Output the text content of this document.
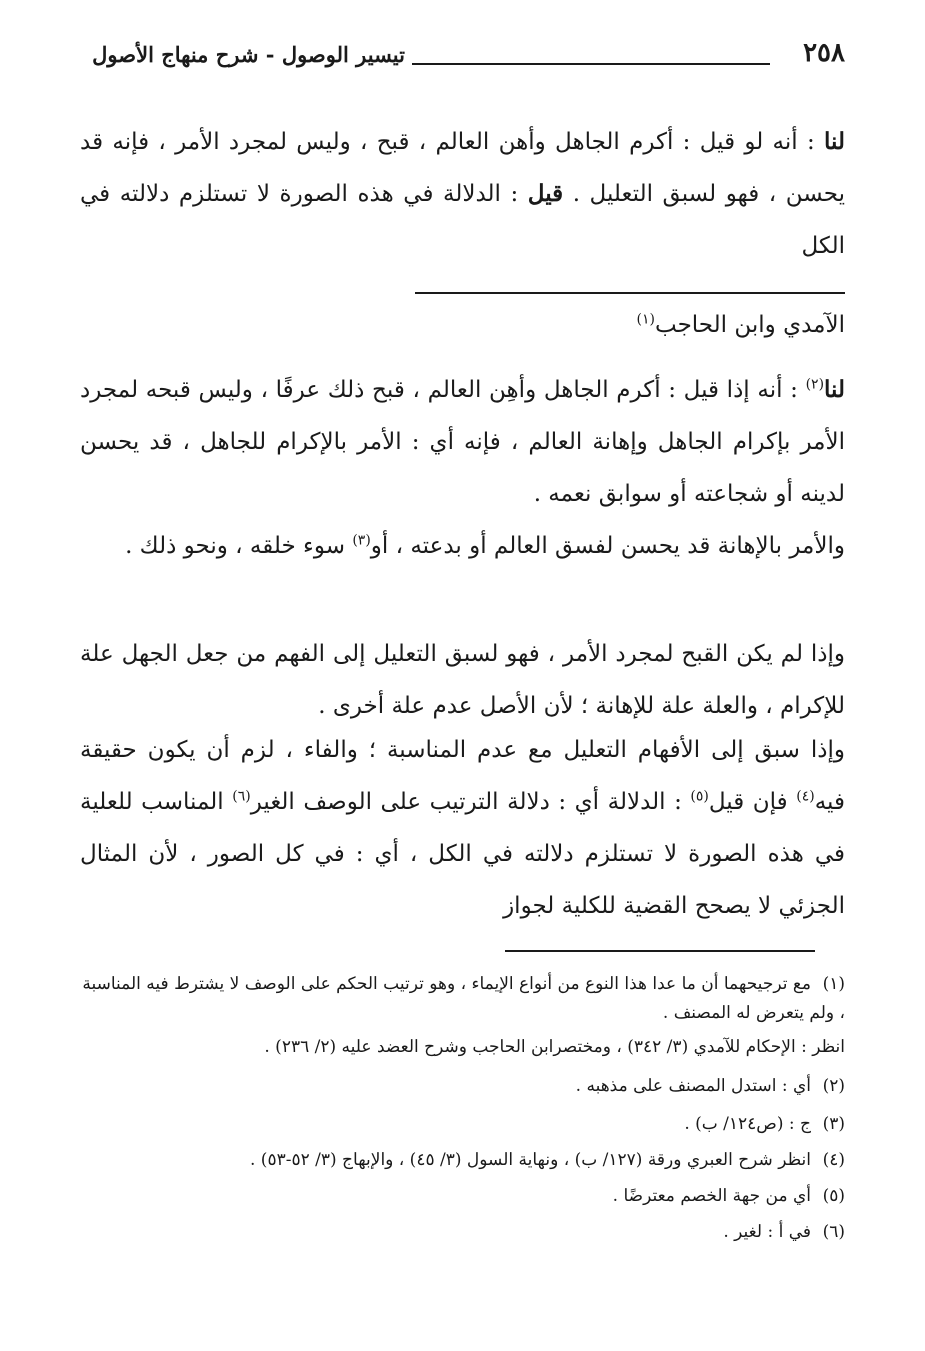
٢٥٨
تيسير الوصول - شرح منهاج الأصول
لنا : أنه لو قيل : أكرم الجاهل وأهن العالم ، قبح ، وليس لمجرد الأمر ، فإنه قد يحسن ، فهو لسبق التعليل . قيل : الدلالة في هذه الصورة لا تستلزم دلالته في الكل
الآمدي وابن الحاجب$^{(١)}$
لنا$^{(٢)}$ : أنه إذا قيل : أكرم الجاهل وأهِن العالم ، قبح ذلك عرفًا ، وليس قبحه لمجرد الأمر بإكرام الجاهل وإهانة العالم ، فإنه أي : الأمر بالإكرام للجاهل ، قد يحسن لدينه أو شجاعته أو سوابق نعمه .
والأمر بالإهانة قد يحسن لفسق العالم أو بدعته ، أو$^{(٣)}$ سوء خلقه ، ونحو ذلك .
وإذا لم يكن القبح لمجرد الأمر ، فهو لسبق التعليل إلى الفهم من جعل الجهل علة للإكرام ، والعلة علة للإهانة ؛ لأن الأصل عدم علة أخرى .
وإذا سبق إلى الأفهام التعليل مع عدم المناسبة ؛ والفاء ، لزم أن يكون حقيقة فيه$^{(٤)}$ فإن قيل$^{(٥)}$ : الدلالة أي : دلالة الترتيب على الوصف الغير$^{(٦)}$ المناسب للعلية في هذه الصورة لا تستلزم دلالته في الكل ، أي : في كل الصور ، لأن المثال الجزئي لا يصحح القضية للكلية لجواز
(١)مع ترجيحهما أن ما عدا هذا النوع من أنواع الإيماء ، وهو ترتيب الحكم على الوصف لا يشترط فيه المناسبة ، ولم يتعرض له المصنف .
انظر : الإحكام للآمدي (٣/ ٣٤٢) ، ومختصرابن الحاجب وشرح العضد عليه (٢/ ٢٣٦) .
(٢)أي : استدل المصنف على مذهبه .
(٣)ج : (ص١٢٤/ ب) .
(٤)انظر شرح العبري ورقة (١٢٧/ ب) ، ونهاية السول (٣/ ٤٥) ، والإبهاج (٣/ ٥٢-٥٣) .
(٥)أي من جهة الخصم معترضًا .
(٦)في أ : لغير .
